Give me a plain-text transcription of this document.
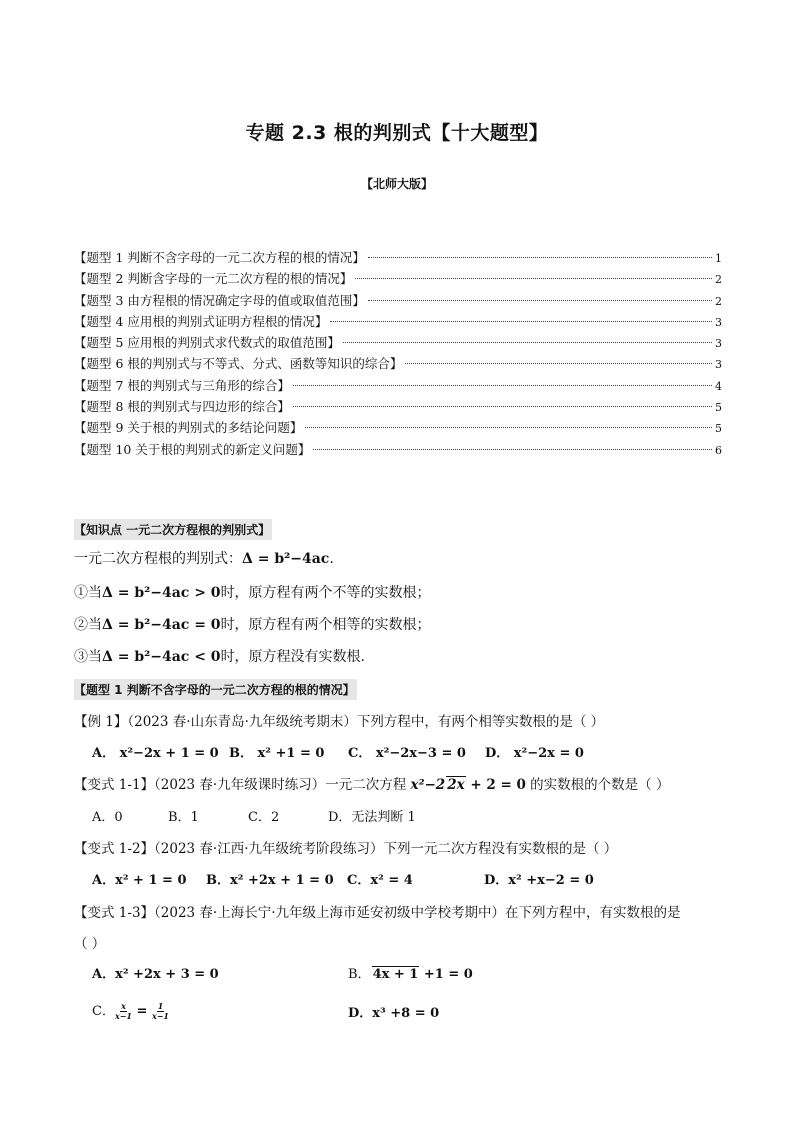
专题 2.3 根的判别式【十大题型】
【北师大版】
【题型 1 判断不含字母的一元二次方程的根的情况】	1
【题型 2 判断含字母的一元二次方程的根的情况】	2
【题型 3 由方程根的情况确定字母的值或取值范围】	2
【题型 4 应用根的判别式证明方程根的情况】	3
【题型 5 应用根的判别式求代数式的取值范围】	3
【题型 6 根的判别式与不等式、分式、函数等知识的综合】	3
【题型 7 根的判别式与三角形的综合】	4
【题型 8 根的判别式与四边形的综合】	5
【题型 9 关于根的判别式的多结论问题】	5
【题型 10 关于根的判别式的新定义问题】	6
【知识点 一元二次方程根的判别式】
一元二次方程根的判别式：Δ = b²−4ac.
①当Δ = b²−4ac > 0时，原方程有两个不等的实数根；
②当Δ = b²−4ac = 0时，原方程有两个相等的实数根；
③当Δ = b²−4ac < 0时，原方程没有实数根.
【题型 1 判断不含字母的一元二次方程的根的情况】
【例 1】（2023 春·山东青岛·九年级统考期末）下列方程中，有两个相等实数根的是（ ）
A． x²−2x + 1 = 0 B． x² +1 = 0 C． x²−2x−3 = 0 D． x²−2x = 0
【变式 1-1】（2023 春·九年级课时练习）一元二次方程 x²−2 2x + 2 = 0 的实数根的个数是（ ）
A．0	B．1	C．2	D．无法判断 1
【变式 1-2】（2023 春·江西·九年级统考阶段练习）下列一元二次方程没有实数根的是（ ）
A．x² + 1 = 0 B．x² +2x + 1 = 0 C．x² = 4	D．x² +x−2 = 0
【变式 1-3】（2023 春·上海长宁·九年级上海市延安初级中学校考期中）在下列方程中，有实数根的是
（ ）
A．x² +2x + 3 = 0	B． 4x + 1 +1 = 0
C． $\frac{x}{x-1} = \frac{1}{x-1}$	D．x³ +8 = 0
